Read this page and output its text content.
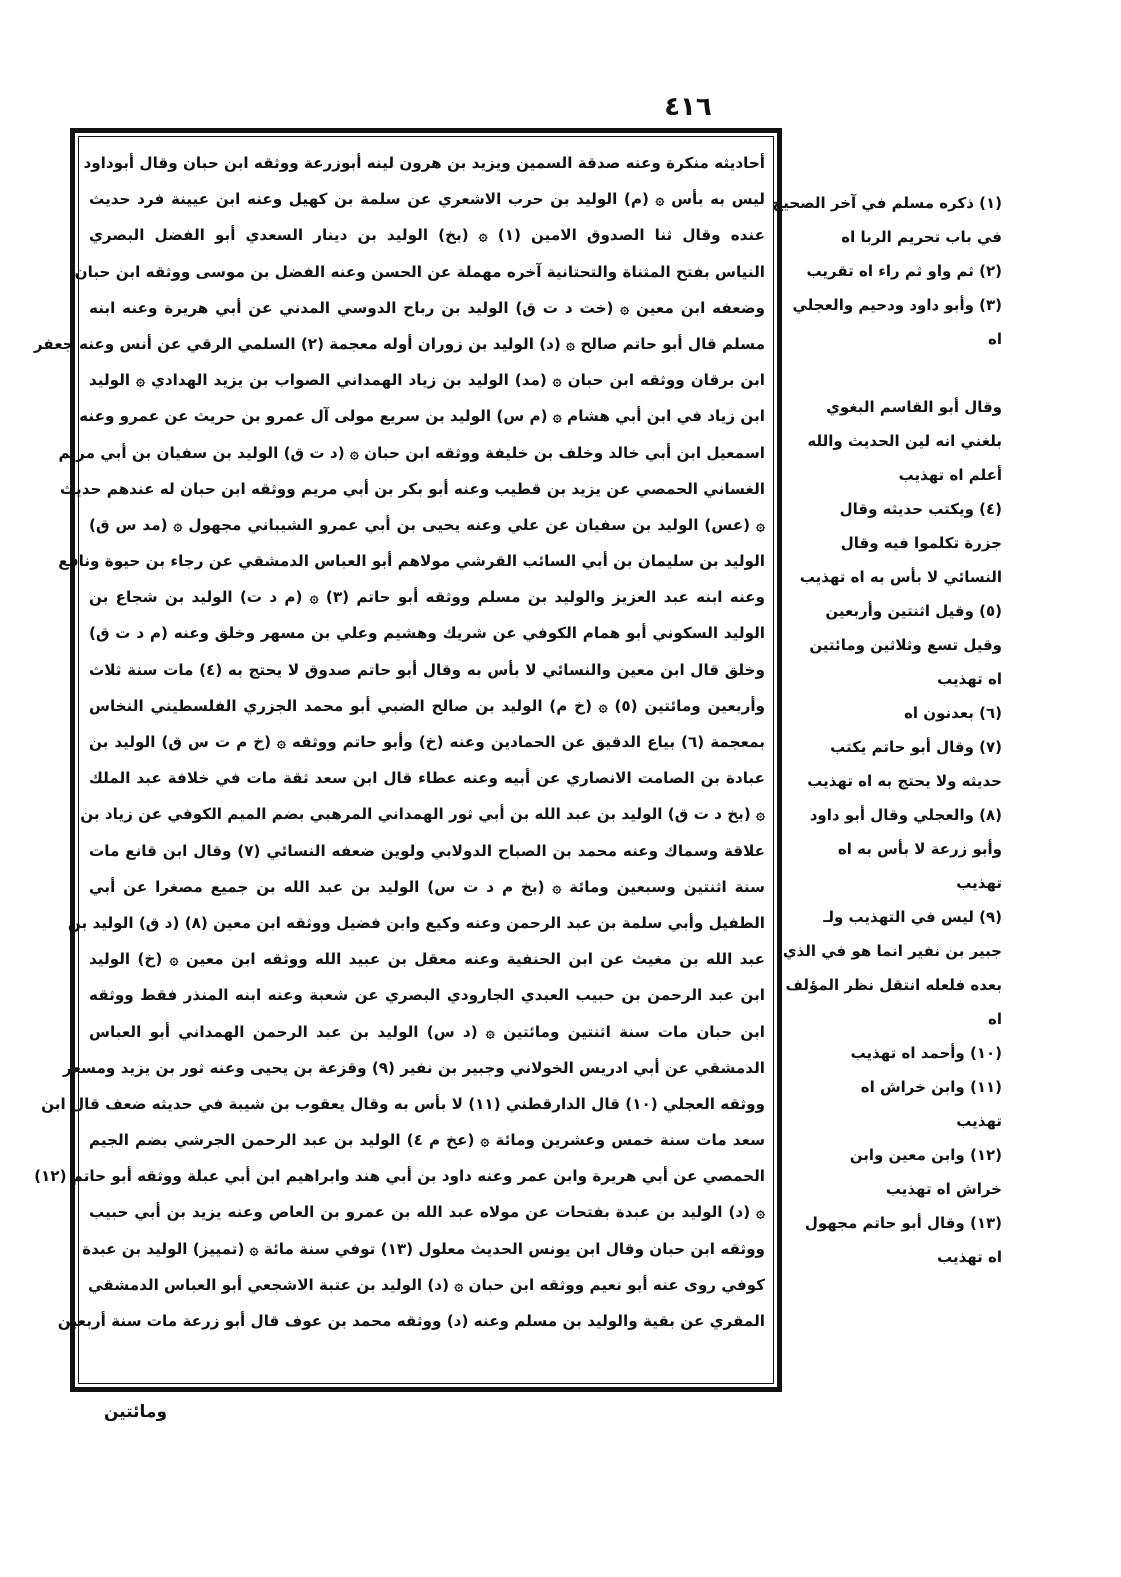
٤١٦
أحاديثه منكرة وعنه صدقة السمين ويزيد بن هرون لينه أبوزرعة ووثقه ابن حبان وقال أبوداود
ليس به بأس ۞ (م) الوليد بن حرب الاشعري عن سلمة بن كهيل وعنه ابن عيينة فرد حديث
عنده وقال ثنا الصدوق الامين (١) ۞ (بخ) الوليد بن دينار السعدي أبو الفضل البصري
النياس بفتح المثناة والتحتانية آخره مهملة عن الحسن وعنه الفضل بن موسى ووثقه ابن حبان
وضعفه ابن معين ۞ (خت د ت ق) الوليد بن رباح الدوسي المدني عن أبي هريرة وعنه ابنه
مسلم قال أبو حاتم صالح ۞ (د) الوليد بن زوران أوله معجمة (٢) السلمي الرقي عن أنس وعنه جعفر
ابن برقان ووثقه ابن حبان ۞ (مد) الوليد بن زياد الهمداني الصواب بن يزيد الهدادي ۞ الوليد
ابن زياد في ابن أبي هشام ۞ (م س) الوليد بن سريع مولى آل عمرو بن حريث عن عمرو وعنه
اسمعيل ابن أبي خالد وخلف بن خليفة ووثقه ابن حبان ۞ (د ت ق) الوليد بن سفيان بن أبي مريم
الغساني الحمصي عن يزيد بن قطيب وعنه أبو بكر بن أبي مريم ووثقه ابن حبان له عندهم حديث
۞ (عس) الوليد بن سفيان عن علي وعنه يحيى بن أبي عمرو الشيباني مجهول ۞ (مد س ق)
الوليد بن سليمان بن أبي السائب القرشي مولاهم أبو العباس الدمشقي عن رجاء بن حيوة ونافع
وعنه ابنه عبد العزيز والوليد بن مسلم ووثقه أبو حاتم (٣) ۞ (م د ت) الوليد بن شجاع بن
الوليد السكوني أبو همام الكوفي عن شريك وهشيم وعلي بن مسهر وخلق وعنه (م د ت ق)
وخلق قال ابن معين والنسائي لا بأس به وقال أبو حاتم صدوق لا يحتج به (٤) مات سنة ثلاث
وأربعين ومائتين (٥) ۞ (خ م) الوليد بن صالح الضبي أبو محمد الجزري الفلسطيني النخاس
بمعجمة (٦) بياع الدقيق عن الحمادين وعنه (خ) وأبو حاتم ووثقه ۞ (خ م ت س ق) الوليد بن
عبادة بن الصامت الانصاري عن أبيه وعنه عطاء قال ابن سعد ثقة مات في خلافة عبد الملك
۞ (بخ د ت ق) الوليد بن عبد الله بن أبي ثور الهمداني المرهبي بضم الميم الكوفي عن زياد بن
علاقة وسماك وعنه محمد بن الصباح الدولابي ولوين ضعفه النسائي (٧) وقال ابن قانع مات
سنة اثنتين وسبعين ومائة ۞ (بخ م د ت س) الوليد بن عبد الله بن جميع مصغرا عن أبي
الطفيل وأبي سلمة بن عبد الرحمن وعنه وكيع وابن فضيل ووثقه ابن معين (٨) (د ق) الوليد بن
عبد الله بن مغيث عن ابن الحنفية وعنه معقل بن عبيد الله ووثقه ابن معين ۞ (خ) الوليد
ابن عبد الرحمن بن حبيب العبدي الجارودي البصري عن شعبة وعنه ابنه المنذر فقط ووثقه
ابن حبان مات سنة اثنتين ومائتين ۞ (د س) الوليد بن عبد الرحمن الهمداني أبو العباس
الدمشقي عن أبي ادريس الخولاني وجبير بن نفير (٩) وقزعة بن يحيى وعنه ثور بن يزيد ومسعر
ووثقه العجلي (١٠) قال الدارقطني (١١) لا بأس به وقال يعقوب بن شيبة في حديثه ضعف قال ابن
سعد مات سنة خمس وعشرين ومائة ۞ (عخ م ٤) الوليد بن عبد الرحمن الجرشي بضم الجيم
الحمصي عن أبي هريرة وابن عمر وعنه داود بن أبي هند وابراهيم ابن أبي عبلة ووثقه أبو حاتم (١٢)
۞ (د) الوليد بن عبدة بفتحات عن مولاه عبد الله بن عمرو بن العاص وعنه يزيد بن أبي حبيب
ووثقه ابن حبان وقال ابن يونس الحديث معلول (١٣) توفي سنة مائة ۞ (تمييز) الوليد بن عبدة
كوفي روى عنه أبو نعيم ووثقه ابن حبان ۞ (د) الوليد بن عتبة الاشجعي أبو العباس الدمشقي
المقري عن بقية والوليد بن مسلم وعنه (د) ووثقه محمد بن عوف قال أبو زرعة مات سنة أربعين
(١) ذكره مسلم في آخر الصحيح
في باب تحريم الربا اه
(٢) ثم واو ثم راء اه تقريب
(٣) وأبو داود ودحيم والعجلي
اه
وقال أبو القاسم البغوي
بلغني انه لين الحديث والله
أعلم اه تهذيب
(٤) ويكتب حديثه وقال
جزرة تكلموا فيه وقال
النسائي لا بأس به اه تهذيب
(٥) وقيل اثنتين وأربعين
وقيل تسع وثلاثين ومائتين
اه تهذيب
(٦) بعدنون اه
(٧) وقال أبو حاتم يكتب
حديثه ولا يحتج به اه تهذيب
(٨) والعجلي وقال أبو داود
وأبو زرعة لا بأس به اه
تهذيب
(٩) ليس في التهذيب ولـ
جبير بن نفير انما هو في الذي
بعده فلعله انتقل نظر المؤلف
اه
(١٠) وأحمد اه تهذيب
(١١) وابن خراش اه
تهذيب
(١٢) وابن معين وابن
خراش اه تهذيب
(١٣) وقال أبو حاتم مجهول
اه تهذيب
ومائتين
